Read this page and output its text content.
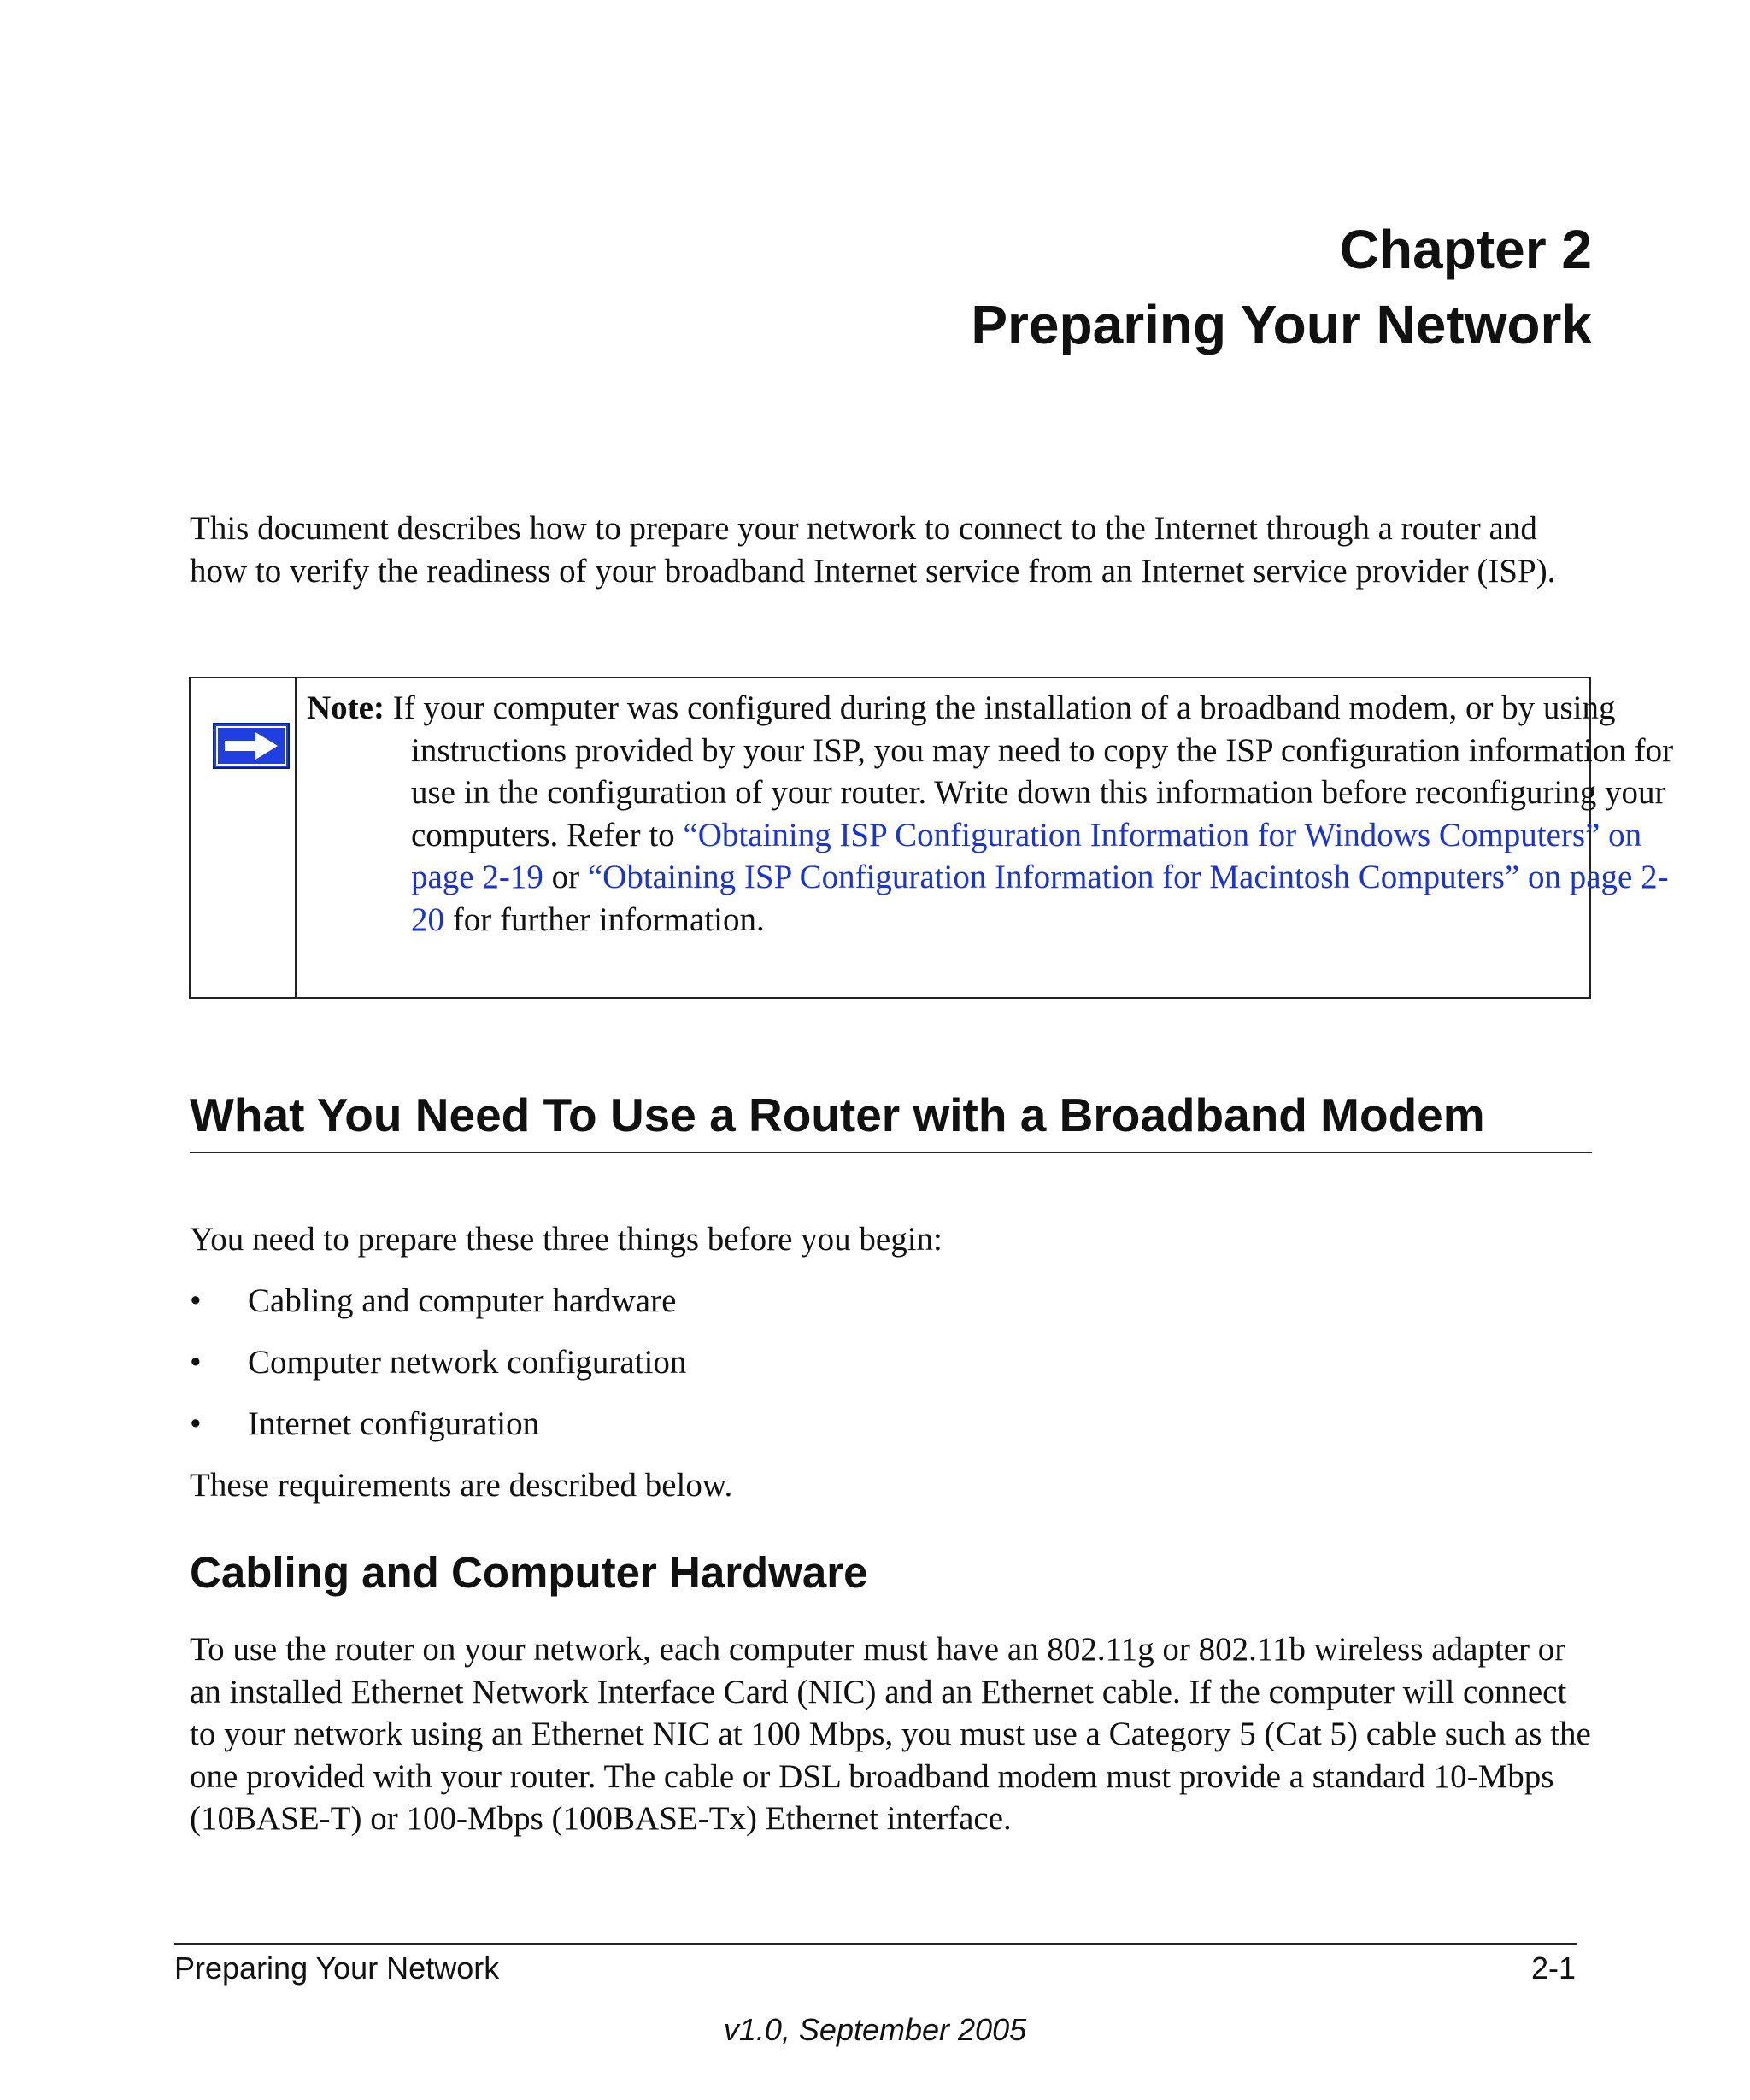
Chapter 2
Preparing Your Network
This document describes how to prepare your network to connect to the Internet through a router and how to verify the readiness of your broadband Internet service from an Internet service provider (ISP).
Note: If your computer was configured during the installation of a broadband modem, or by using instructions provided by your ISP, you may need to copy the ISP configuration information for use in the configuration of your router. Write down this information before reconfiguring your computers. Refer to “Obtaining ISP Configuration Information for Windows Computers” on page 2-19 or “Obtaining ISP Configuration Information for Macintosh Computers” on page 2-20 for further information.
What You Need To Use a Router with a Broadband Modem
You need to prepare these three things before you begin:
• Cabling and computer hardware
• Computer network configuration
• Internet configuration
These requirements are described below.
Cabling and Computer Hardware
To use the router on your network, each computer must have an 802.11g or 802.11b wireless adapter or an installed Ethernet Network Interface Card (NIC) and an Ethernet cable. If the computer will connect to your network using an Ethernet NIC at 100 Mbps, you must use a Category 5 (Cat 5) cable such as the one provided with your router. The cable or DSL broadband modem must provide a standard 10-Mbps (10BASE-T) or 100-Mbps (100BASE-Tx) Ethernet interface.
Preparing Your Network	2-1
v1.0, September 2005
